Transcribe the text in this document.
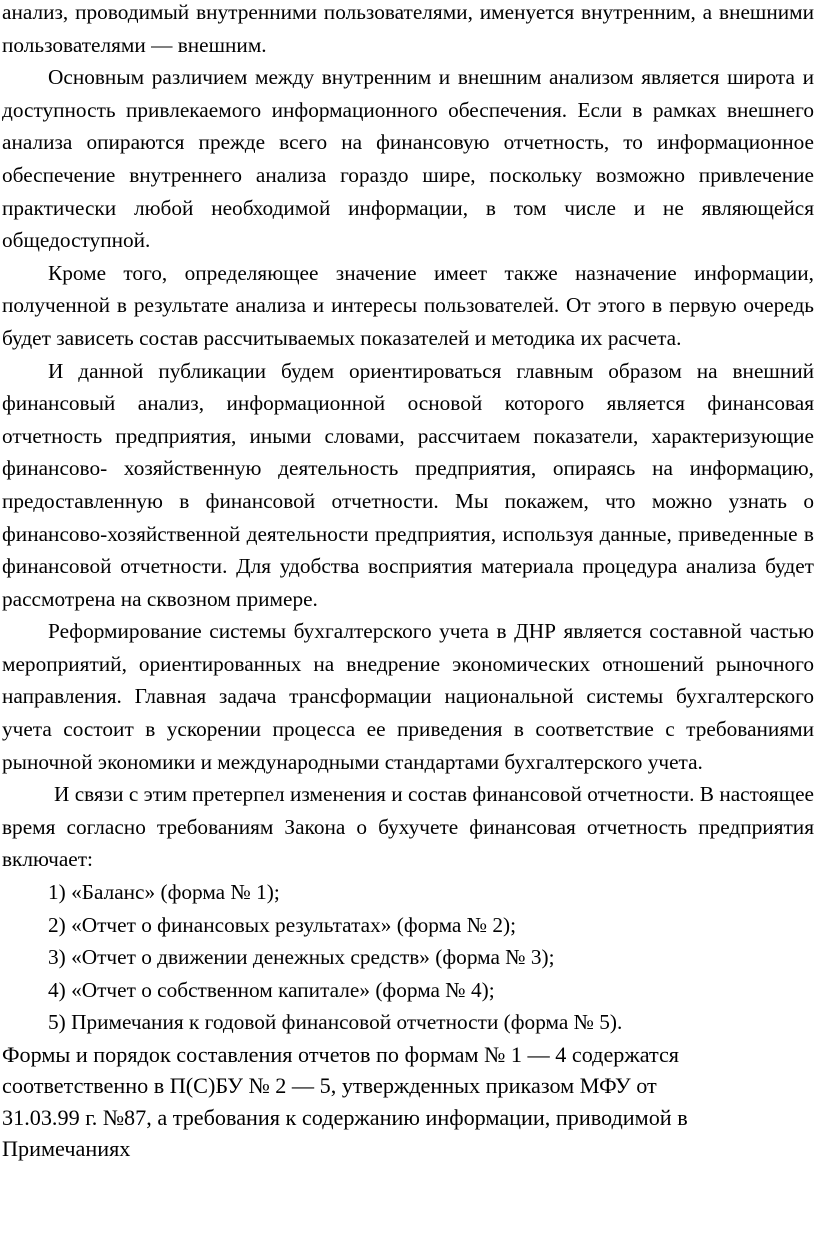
анализ, проводимый внутренними пользователями, именуется внутренним, а внешними пользователями — внешним.

Основным различием между внутренним и внешним анализом является широта и доступность привлекаемого информационного обеспечения. Если в рамках внешнего анализа опираются прежде всего на финансовую отчетность, то информационное обеспечение внутреннего анализа гораздо шире, поскольку возможно привлечение практически любой необходимой информации, в том числе и не являющейся общедоступной.

Кроме того, определяющее значение имеет также назначение информации, полученной в результате анализа и интересы пользователей. От этого в первую очередь будет зависеть состав рассчитываемых показателей и методика их расчета.

И данной публикации будем ориентироваться главным образом на внешний финансовый анализ, информационной основой которого является финансовая отчетность предприятия, иными словами, рассчитаем показатели, характеризующие финансово- хозяйственную деятельность предприятия, опираясь на информацию, предоставленную в финансовой отчетности. Мы покажем, что можно узнать о финансово-хозяйственной деятельности предприятия, используя данные, приведенные в финансовой отчетности. Для удобства восприятия материала процедура анализа будет рассмотрена на сквозном примере.

Реформирование системы бухгалтерского учета в ДНР является составной частью мероприятий, ориентированных на внедрение экономических отношений рыночного направления. Главная задача трансформации национальной системы бухгалтерского учета состоит в ускорении процесса ее приведения в соответствие с требованиями рыночной экономики и международными стандартами бухгалтерского учета.

И связи с этим претерпел изменения и состав финансовой отчетности. В настоящее время согласно требованиям Закона о бухучете финансовая отчетность предприятия включает:

1) «Баланс» (форма № 1);

2) «Отчет о финансовых результатах» (форма № 2);

3) «Отчет о движении денежных средств» (форма № 3);

4) «Отчет о собственном капитале» (форма № 4);

5) Примечания к годовой финансовой отчетности (форма № 5).

Формы и порядок составления отчетов по формам № 1 — 4 содержатся

соответственно в П(С)БУ № 2 — 5, утвержденных приказом МФУ от

31.03.99 г. №87, а требования к содержанию информации, приводимой в

Примечаниях
